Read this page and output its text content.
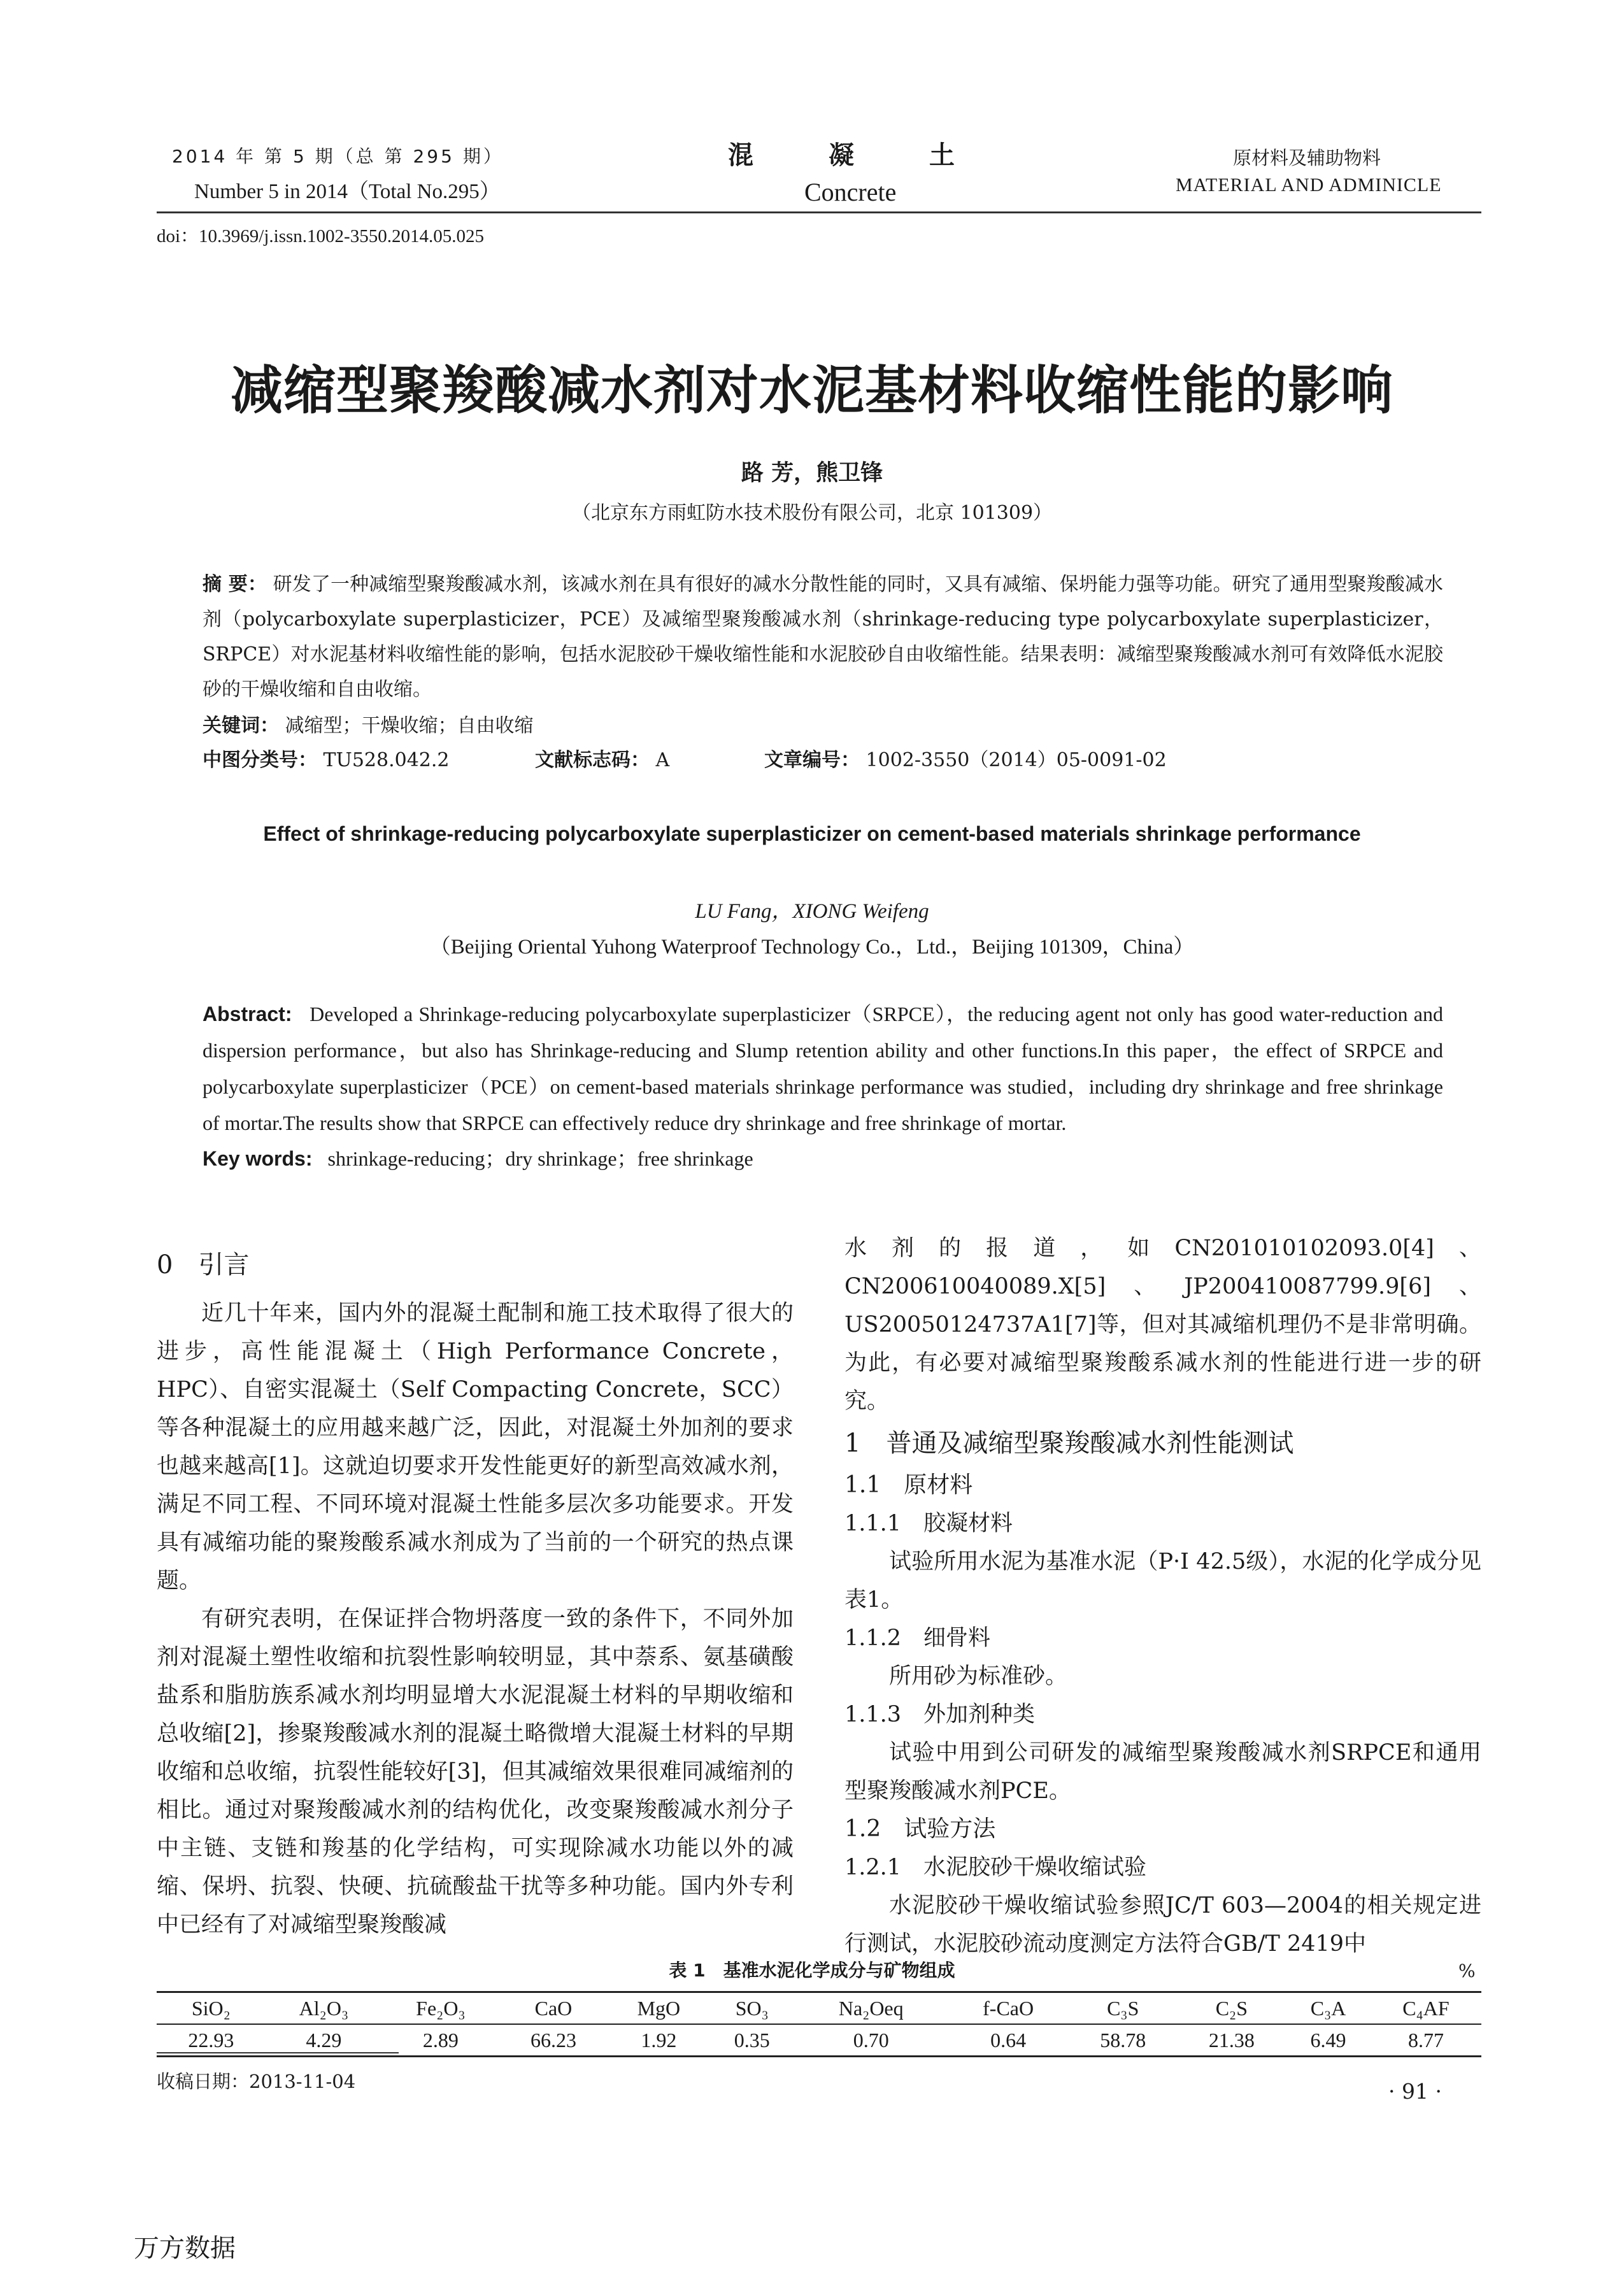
2014 年 第 5 期（总 第 295 期）
Number 5 in 2014（Total No.295）
混凝土
Concrete
原材料及辅助物料
MATERIAL AND ADMINICLE
doi：10.3969/j.issn.1002-3550.2014.05.025
减缩型聚羧酸减水剂对水泥基材料收缩性能的影响
路 芳，熊卫锋
（北京东方雨虹防水技术股份有限公司，北京 101309）
摘 要： 研发了一种减缩型聚羧酸减水剂，该减水剂在具有很好的减水分散性能的同时，又具有减缩、保坍能力强等功能。研究了通用型聚羧酸减水剂（polycarboxylate superplasticizer，PCE）及减缩型聚羧酸减水剂（shrinkage-reducing type polycarboxylate superplasticizer，SRPCE）对水泥基材料收缩性能的影响，包括水泥胶砂干燥收缩性能和水泥胶砂自由收缩性能。结果表明：减缩型聚羧酸减水剂可有效降低水泥胶砂的干燥收缩和自由收缩。
关键词： 减缩型；干燥收缩；自由收缩
中图分类号： TU528.042.2	文献标志码： A	文章编号： 1002-3550（2014）05-0091-02
Effect of shrinkage-reducing polycarboxylate superplasticizer on cement-based materials shrinkage performance
LU Fang，XIONG Weifeng
（Beijing Oriental Yuhong Waterproof Technology Co.，Ltd.，Beijing 101309，China）
Abstract: Developed a Shrinkage-reducing polycarboxylate superplasticizer（SRPCE），the reducing agent not only has good water-reduction and dispersion performance，but also has Shrinkage-reducing and Slump retention ability and other functions.In this paper，the effect of SRPCE and polycarboxylate superplasticizer（PCE）on cement-based materials shrinkage performance was studied，including dry shrinkage and free shrinkage of mortar.The results show that SRPCE can effectively reduce dry shrinkage and free shrinkage of mortar.
Key words: shrinkage-reducing；dry shrinkage；free shrinkage

0　引言

近几十年来，国内外的混凝土配制和施工技术取得了很大的进步，高性能混凝土（High Performance Concrete，HPC）、自密实混凝土（Self Compacting Concrete，SCC）等各种混凝土的应用越来越广泛，因此，对混凝土外加剂的要求也越来越高[1]。这就迫切要求开发性能更好的新型高效减水剂，满足不同工程、不同环境对混凝土性能多层次多功能要求。开发具有减缩功能的聚羧酸系减水剂成为了当前的一个研究的热点课题。

有研究表明，在保证拌合物坍落度一致的条件下，不同外加剂对混凝土塑性收缩和抗裂性影响较明显，其中萘系、氨基磺酸盐系和脂肪族系减水剂均明显增大水泥混凝土材料的早期收缩和总收缩[2]，掺聚羧酸减水剂的混凝土略微增大混凝土材料的早期收缩和总收缩，抗裂性能较好[3]，但其减缩效果很难同减缩剂的相比。通过对聚羧酸减水剂的结构优化，改变聚羧酸减水剂分子中主链、支链和羧基的化学结构，可实现除减水功能以外的减缩、保坍、抗裂、快硬、抗硫酸盐干扰等多种功能。国内外专利中已经有了对减缩型聚羧酸减

水剂的报道，如CN201010102093.0[4]、CN200610040089.X[5]、JP200410087799.9[6]、US20050124737A1[7]等，但对其减缩机理仍不是非常明确。为此，有必要对减缩型聚羧酸系减水剂的性能进行进一步的研究。

1　普通及减缩型聚羧酸减水剂性能测试

1.1　原材料

1.1.1　胶凝材料

试验所用水泥为基准水泥（P·I 42.5级），水泥的化学成分见表1。

1.1.2　细骨料

所用砂为标准砂。

1.1.3　外加剂种类

试验中用到公司研发的减缩型聚羧酸减水剂SRPCE和通用型聚羧酸减水剂PCE。

1.2　试验方法

1.2.1　水泥胶砂干燥收缩试验

水泥胶砂干燥收缩试验参照JC/T 603—2004的相关规定进行测试，水泥胶砂流动度测定方法符合GB/T 2419中

表 1　基准水泥化学成分与矿物组成	%
SiO₂	Al₂O₃	Fe₂O₃	CaO	MgO	SO₃	Na₂Oeq	f-CaO	C₃S	C₂S	C₃A	C₄AF
22.93	4.29	2.89	66.23	1.92	0.35	0.70	0.64	58.78	21.38	6.49	8.77
收稿日期：2013-11-04	· 91 ·
万方数据
